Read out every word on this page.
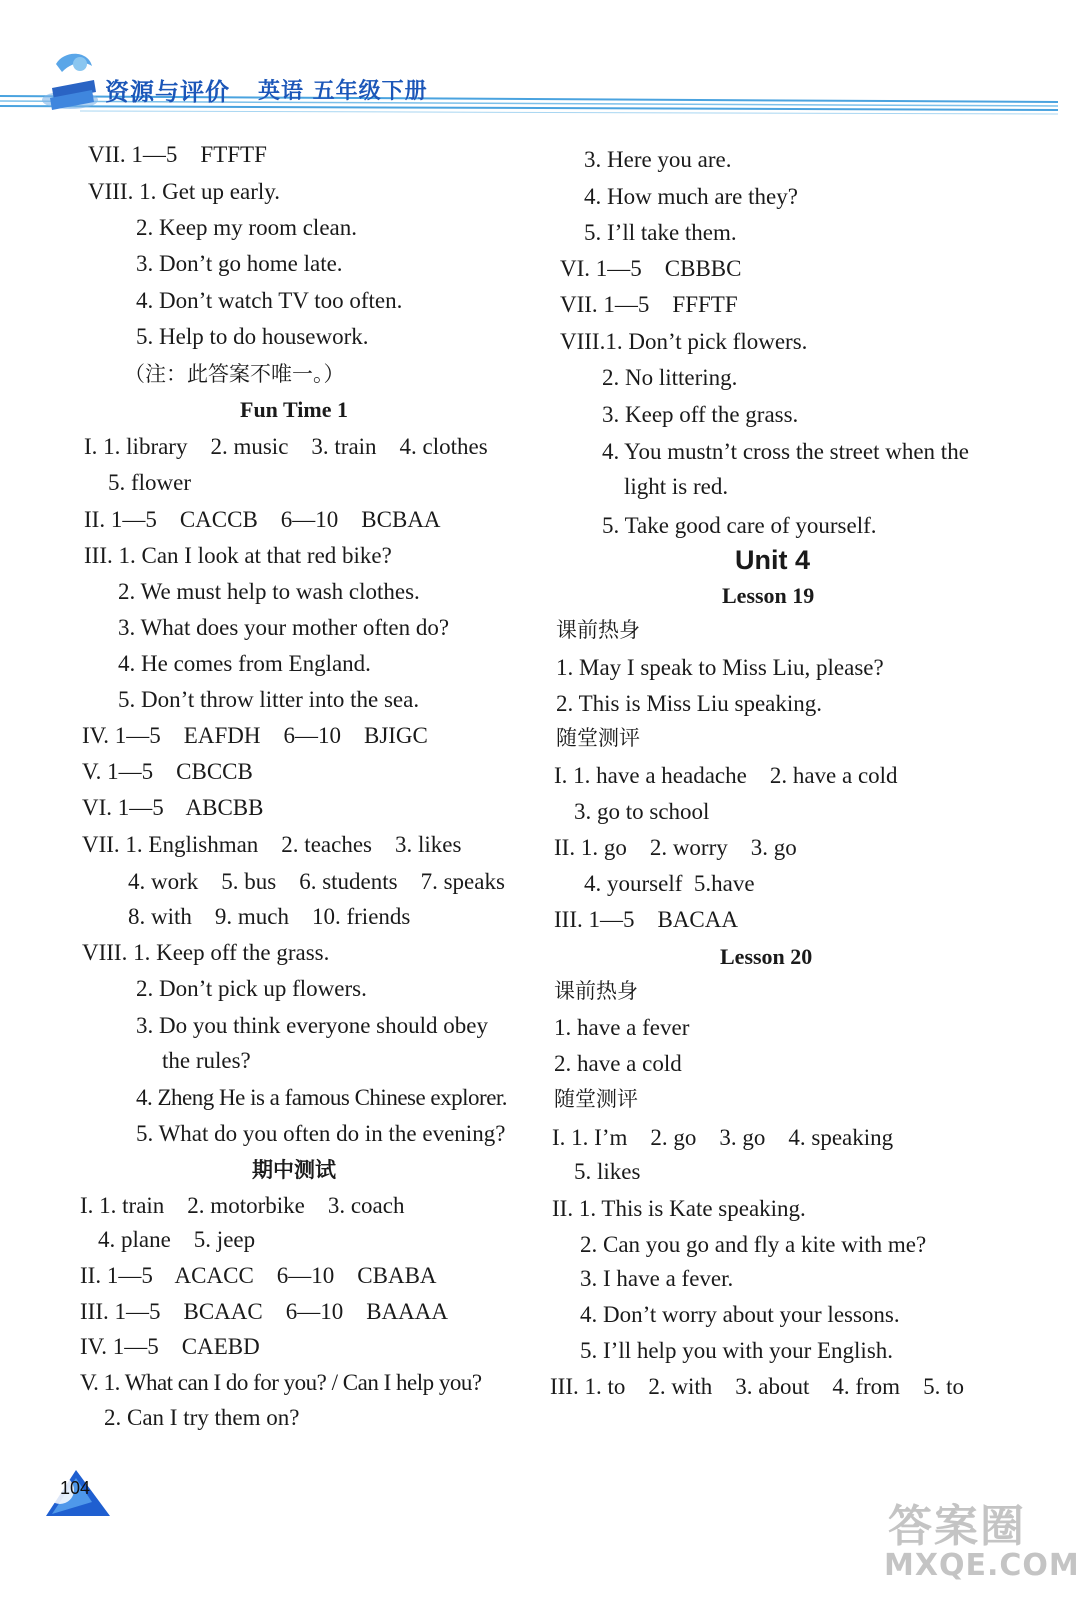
资源与评价 英语 五年级下册
VII. 1—5    FTFTF
VIII. 1. Get up early.
2. Keep my room clean.
3. Don’t go home late.
4. Don’t watch TV too often.
5. Help to do housework.
（注：此答案不唯一。）
Fun Time 1
I. 1. library    2. music    3. train    4. clothes
5. flower
II. 1—5    CACCB    6—10    BCBAA
III. 1. Can I look at that red bike?
2. We must help to wash clothes.
3. What does your mother often do?
4. He comes from England.
5. Don’t throw litter into the sea.
IV. 1—5    EAFDH    6—10    BJIGC
V. 1—5    CBCCB
VI. 1—5    ABCBB
VII. 1. Englishman    2. teaches    3. likes
4. work    5. bus    6. students    7. speaks
8. with    9. much    10. friends
VIII. 1. Keep off the grass.
2. Don’t pick up flowers.
3. Do you think everyone should obey
the rules?
4. Zheng He is a famous Chinese explorer.
5. What do you often do in the evening?
期中测试
I. 1. train    2. motorbike    3. coach
4. plane    5. jeep
II. 1—5    ACACC    6—10    CBABA
III. 1—5    BCAAC    6—10    BAAAA
IV. 1—5    CAEBD
V. 1. What can I do for you? / Can I help you?
2. Can I try them on?
3. Here you are.
4. How much are they?
5. I’ll take them.
VI. 1—5    CBBBC
VII. 1—5    FFFTF
VIII.1. Don’t pick flowers.
2. No littering.
3. Keep off the grass.
4. You mustn’t cross the street when the
light is red.
5. Take good care of yourself.
Unit 4
Lesson 19
课前热身
1. May I speak to Miss Liu, please?
2. This is Miss Liu speaking.
随堂测评
I. 1. have a headache    2. have a cold
3. go to school
II. 1. go    2. worry    3. go
4. yourself  5.have
III. 1—5    BACAA
Lesson 20
课前热身
1. have a fever
2. have a cold
随堂测评
I. 1. I’m    2. go    3. go    4. speaking
5. likes
II. 1. This is Kate speaking.
2. Can you go and fly a kite with me?
3. I have a fever.
4. Don’t worry about your lessons.
5. I’ll help you with your English.
III. 1. to    2. with    3. about    4. from    5. to
104
答案圈
MXQE.COM
